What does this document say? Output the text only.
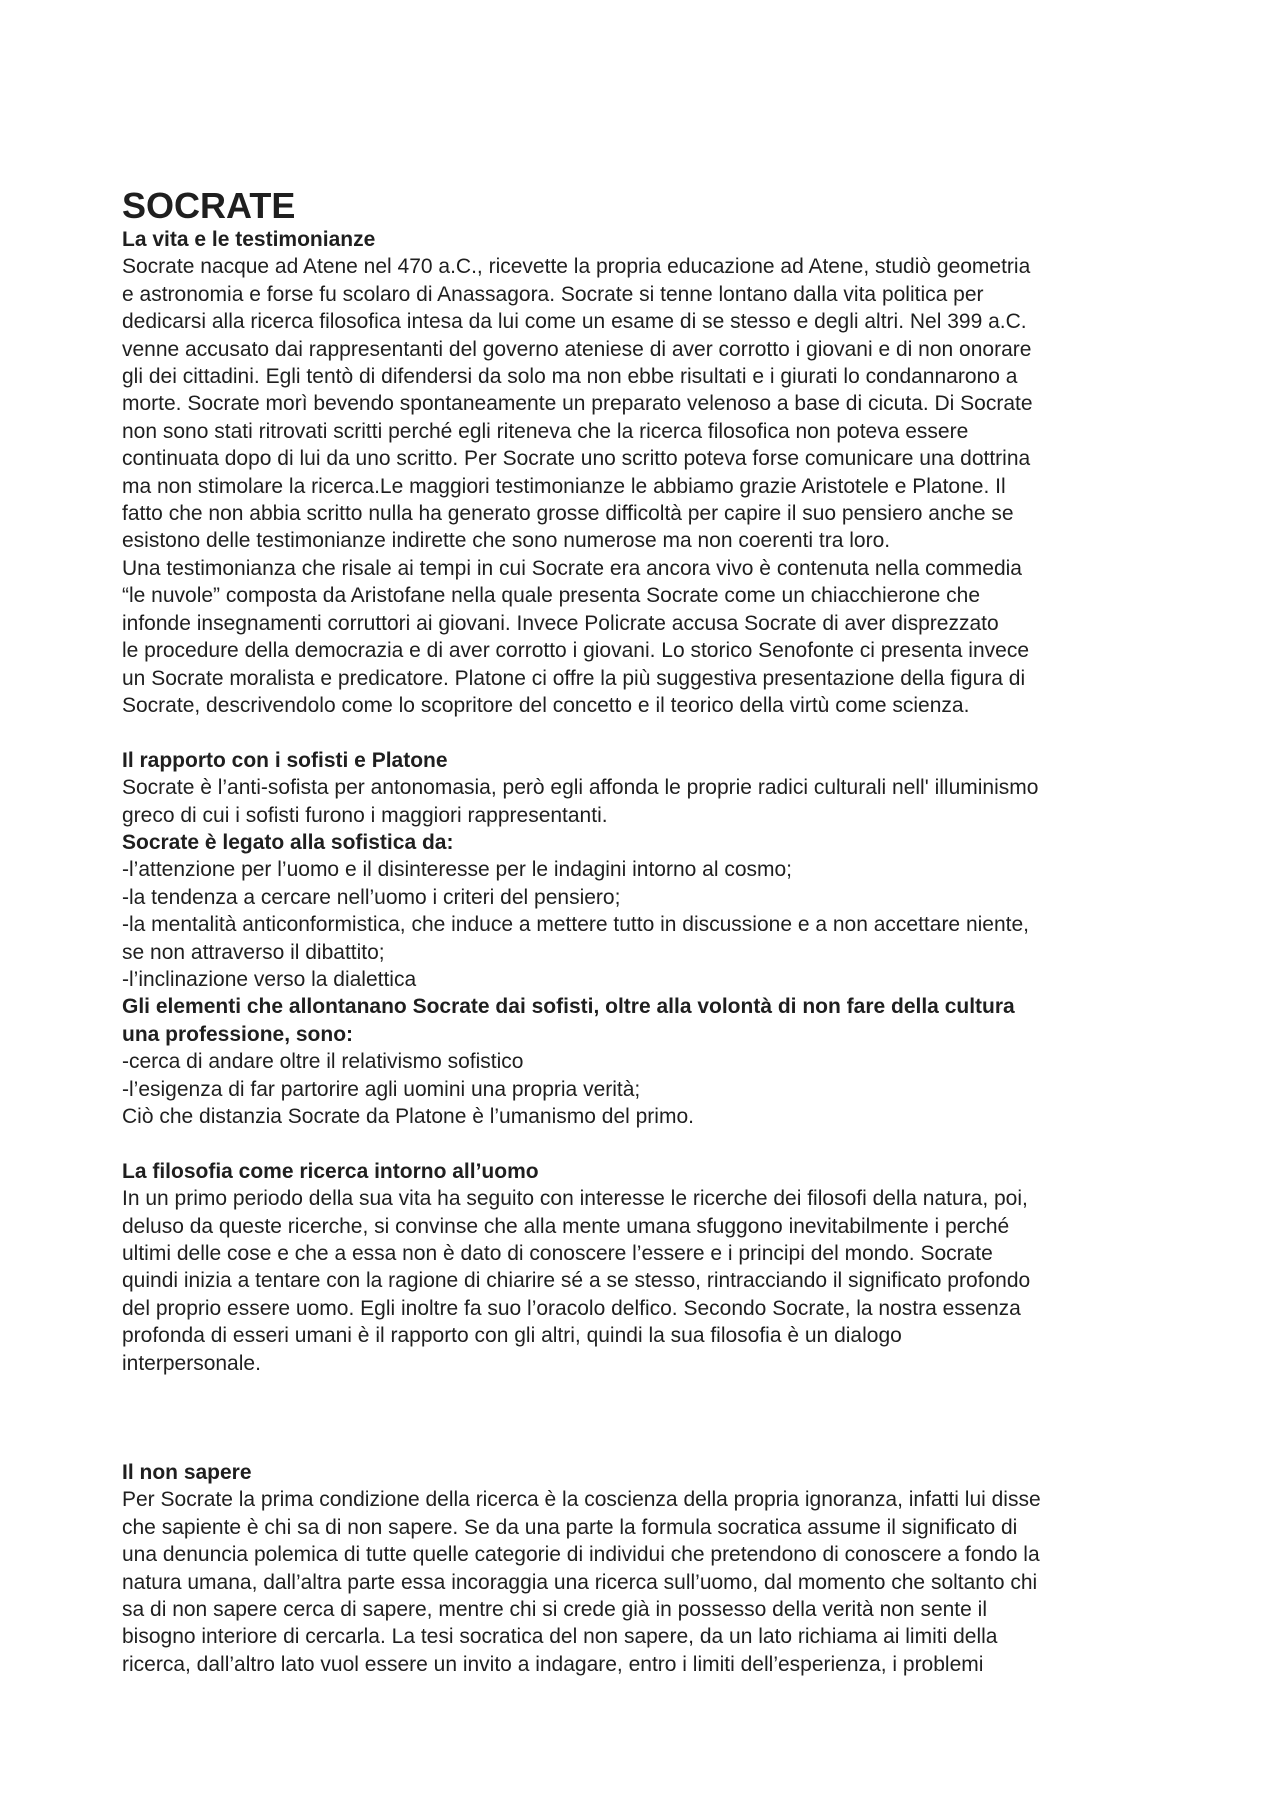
SOCRATE

La vita e le testimonianze

Socrate nacque ad Atene nel 470 a.C., ricevette la propria educazione ad Atene, studiò geometria

e astronomia e forse fu scolaro di Anassagora. Socrate si tenne lontano dalla vita politica per

dedicarsi alla ricerca filosofica intesa da lui come un esame di se stesso e degli altri. Nel 399 a.C.

venne accusato dai rappresentanti del governo ateniese di aver corrotto i giovani e di non onorare

gli dei cittadini. Egli tentò di difendersi da solo ma non ebbe risultati e i giurati lo condannarono a

morte. Socrate morì bevendo spontaneamente un preparato velenoso a base di cicuta. Di Socrate

non sono stati ritrovati scritti perché egli riteneva che la ricerca filosofica non poteva essere

continuata dopo di lui da uno scritto. Per Socrate uno scritto poteva forse comunicare una dottrina

ma non stimolare la ricerca.Le maggiori testimonianze le abbiamo grazie Aristotele e Platone. Il

fatto che non abbia scritto nulla ha generato grosse difficoltà per capire il suo pensiero anche se

esistono delle testimonianze indirette che sono numerose ma non coerenti tra loro.

Una testimonianza che risale ai tempi in cui Socrate era ancora vivo è contenuta nella commedia

“le nuvole” composta da Aristofane nella quale presenta Socrate come un chiacchierone che

infonde insegnamenti corruttori ai giovani. Invece Policrate accusa Socrate di aver disprezzato

le procedure della democrazia e di aver corrotto i giovani. Lo storico Senofonte ci presenta invece

un Socrate moralista e predicatore. Platone ci offre la più suggestiva presentazione della figura di

Socrate, descrivendolo come lo scopritore del concetto e il teorico della virtù come scienza.

Il rapporto con i sofisti e Platone

Socrate è l’anti-sofista per antonomasia, però egli affonda le proprie radici culturali nell' illuminismo

greco di cui i sofisti furono i maggiori rappresentanti.

Socrate è legato alla sofistica da:

-l’attenzione per l’uomo e il disinteresse per le indagini intorno al cosmo;

-la tendenza a cercare nell’uomo i criteri del pensiero;

-la mentalità anticonformistica, che induce a mettere tutto in discussione e a non accettare niente,

se non attraverso il dibattito;

-l’inclinazione verso la dialettica

Gli elementi che allontanano Socrate dai sofisti, oltre alla volontà di non fare della cultura

una professione, sono:

-cerca di andare oltre il relativismo sofistico

-l’esigenza di far partorire agli uomini una propria verità;

Ciò che distanzia Socrate da Platone è l’umanismo del primo.

La filosofia come ricerca intorno all’uomo

In un primo periodo della sua vita ha seguito con interesse le ricerche dei filosofi della natura, poi,

deluso da queste ricerche, si convinse che alla mente umana sfuggono inevitabilmente i perché

ultimi delle cose e che a essa non è dato di conoscere l’essere e i principi del mondo. Socrate

quindi inizia a tentare con la ragione di chiarire sé a se stesso, rintracciando il significato profondo

del proprio essere uomo. Egli inoltre fa suo l’oracolo delfico. Secondo Socrate, la nostra essenza

profonda di esseri umani è il rapporto con gli altri, quindi la sua filosofia è un dialogo

interpersonale.

Il non sapere

Per Socrate la prima condizione della ricerca è la coscienza della propria ignoranza, infatti lui disse

che sapiente è chi sa di non sapere. Se da una parte la formula socratica assume il significato di

una denuncia polemica di tutte quelle categorie di individui che pretendono di conoscere a fondo la

natura umana, dall’altra parte essa incoraggia una ricerca sull’uomo, dal momento che soltanto chi

sa di non sapere cerca di sapere, mentre chi si crede già in possesso della verità non sente il

bisogno interiore di cercarla. La tesi socratica del non sapere, da un lato richiama ai limiti della

ricerca, dall’altro lato vuol essere un invito a indagare, entro i limiti dell’esperienza, i problemi
